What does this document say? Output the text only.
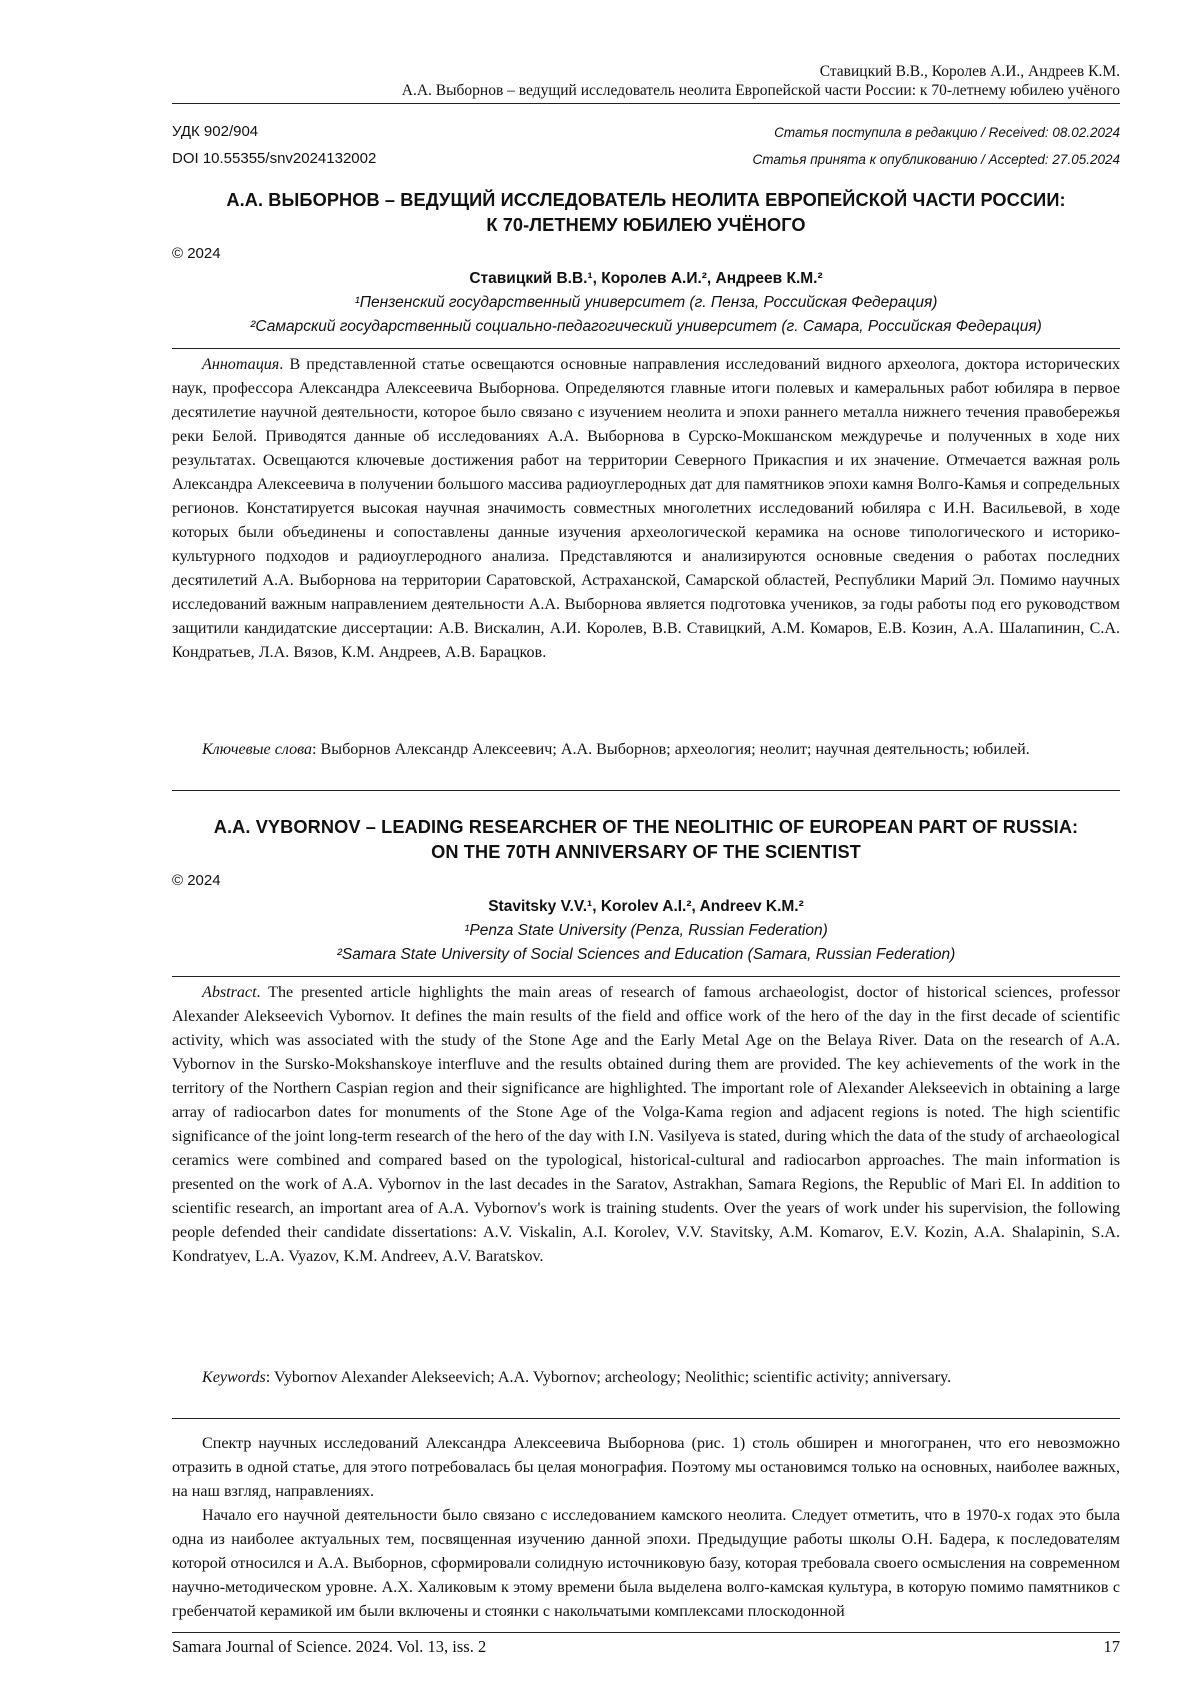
Ставицкий В.В., Королев А.И., Андреев К.М.
А.А. Выборнов – ведущий исследователь неолита Европейской части России: к 70-летнему юбилею учёного
УДК 902/904
DOI 10.55355/snv2024132002
Статья поступила в редакцию / Received: 08.02.2024
Статья принята к опубликованию / Accepted: 27.05.2024
А.А. ВЫБОРНОВ – ВЕДУЩИЙ ИССЛЕДОВАТЕЛЬ НЕОЛИТА ЕВРОПЕЙСКОЙ ЧАСТИ РОССИИ:
К 70-ЛЕТНЕМУ ЮБИЛЕЮ УЧЁНОГО
© 2024
Ставицкий В.В.¹, Королев А.И.², Андреев К.М.²
¹Пензенский государственный университет (г. Пенза, Российская Федерация)
²Самарский государственный социально-педагогический университет (г. Самара, Российская Федерация)
Аннотация. В представленной статье освещаются основные направления исследований видного археолога, доктора исторических наук, профессора Александра Алексеевича Выборнова. Определяются главные итоги полевых и камеральных работ юбиляра в первое десятилетие научной деятельности, которое было связано с изучением неолита и эпохи раннего металла нижнего течения правобережья реки Белой. Приводятся данные об исследованиях А.А. Выборнова в Сурско-Мокшанском междуречье и полученных в ходе них результатах. Освещаются ключевые достижения работ на территории Северного Прикаспия и их значение. Отмечается важная роль Александра Алексеевича в получении большого массива радиоуглеродных дат для памятников эпохи камня Волго-Камья и сопредельных регионов. Констатируется высокая научная значимость совместных многолетних исследований юбиляра с И.Н. Васильевой, в ходе которых были объединены и сопоставлены данные изучения археологической керамика на основе типологического и историко-культурного подходов и радиоуглеродного анализа. Представляются и анализируются основные сведения о работах последних десятилетий А.А. Выборнова на территории Саратовской, Астраханской, Самарской областей, Республики Марий Эл. Помимо научных исследований важным направлением деятельности А.А. Выборнова является подготовка учеников, за годы работы под его руководством защитили кандидатские диссертации: А.В. Вискалин, А.И. Королев, В.В. Ставицкий, А.М. Комаров, Е.В. Козин, А.А. Шалапинин, С.А. Кондратьев, Л.А. Вязов, К.М. Андреев, А.В. Барацков.
Ключевые слова: Выборнов Александр Алексеевич; А.А. Выборнов; археология; неолит; научная деятельность; юбилей.
A.A. VYBORNOV – LEADING RESEARCHER OF THE NEOLITHIC OF EUROPEAN PART OF RUSSIA:
ON THE 70TH ANNIVERSARY OF THE SCIENTIST
© 2024
Stavitsky V.V.¹, Korolev A.I.², Andreev K.M.²
¹Penza State University (Penza, Russian Federation)
²Samara State University of Social Sciences and Education (Samara, Russian Federation)
Abstract. The presented article highlights the main areas of research of famous archaeologist, doctor of historical sciences, professor Alexander Alekseevich Vybornov. It defines the main results of the field and office work of the hero of the day in the first decade of scientific activity, which was associated with the study of the Stone Age and the Early Metal Age on the Belaya River. Data on the research of A.A. Vybornov in the Sursko-Mokshanskoye interfluve and the results obtained during them are provided. The key achievements of the work in the territory of the Northern Caspian region and their significance are highlighted. The important role of Alexander Alekseevich in obtaining a large array of radiocarbon dates for monuments of the Stone Age of the Volga-Kama region and adjacent regions is noted. The high scientific significance of the joint long-term research of the hero of the day with I.N. Vasilyeva is stated, during which the data of the study of archaeological ceramics were combined and compared based on the typological, historical-cultural and radiocarbon approaches. The main information is presented on the work of A.A. Vybornov in the last decades in the Saratov, Astrakhan, Samara Regions, the Republic of Mari El. In addition to scientific research, an important area of A.A. Vybornov's work is training students. Over the years of work under his supervision, the following people defended their candidate dissertations: A.V. Viskalin, A.I. Korolev, V.V. Stavitsky, A.M. Komarov, E.V. Kozin, A.A. Shalapinin, S.A. Kondratyev, L.A. Vyazov, K.M. Andreev, A.V. Baratskov.
Keywords: Vybornov Alexander Alekseevich; A.A. Vybornov; archeology; Neolithic; scientific activity; anniversary.
Спектр научных исследований Александра Алексеевича Выборнова (рис. 1) столь обширен и многогранен, что его невозможно отразить в одной статье, для этого потребовалась бы целая монография. Поэтому мы остановимся только на основных, наиболее важных, на наш взгляд, направлениях.
Начало его научной деятельности было связано с исследованием камского неолита. Следует отметить, что в 1970-х годах это была одна из наиболее актуальных тем, посвященная изучению данной эпохи. Предыдущие работы школы О.Н. Бадера, к последователям которой относился и А.А. Выборнов, сформировали солидную источниковую базу, которая требовала своего осмысления на современном научно-методическом уровне. А.Х. Халиковым к этому времени была выделена волго-камская культура, в которую помимо памятников с гребенчатой керамикой им были включены и стоянки с накольчатыми комплексами плоскодонной
Samara Journal of Science. 2024. Vol. 13, iss. 2	17
